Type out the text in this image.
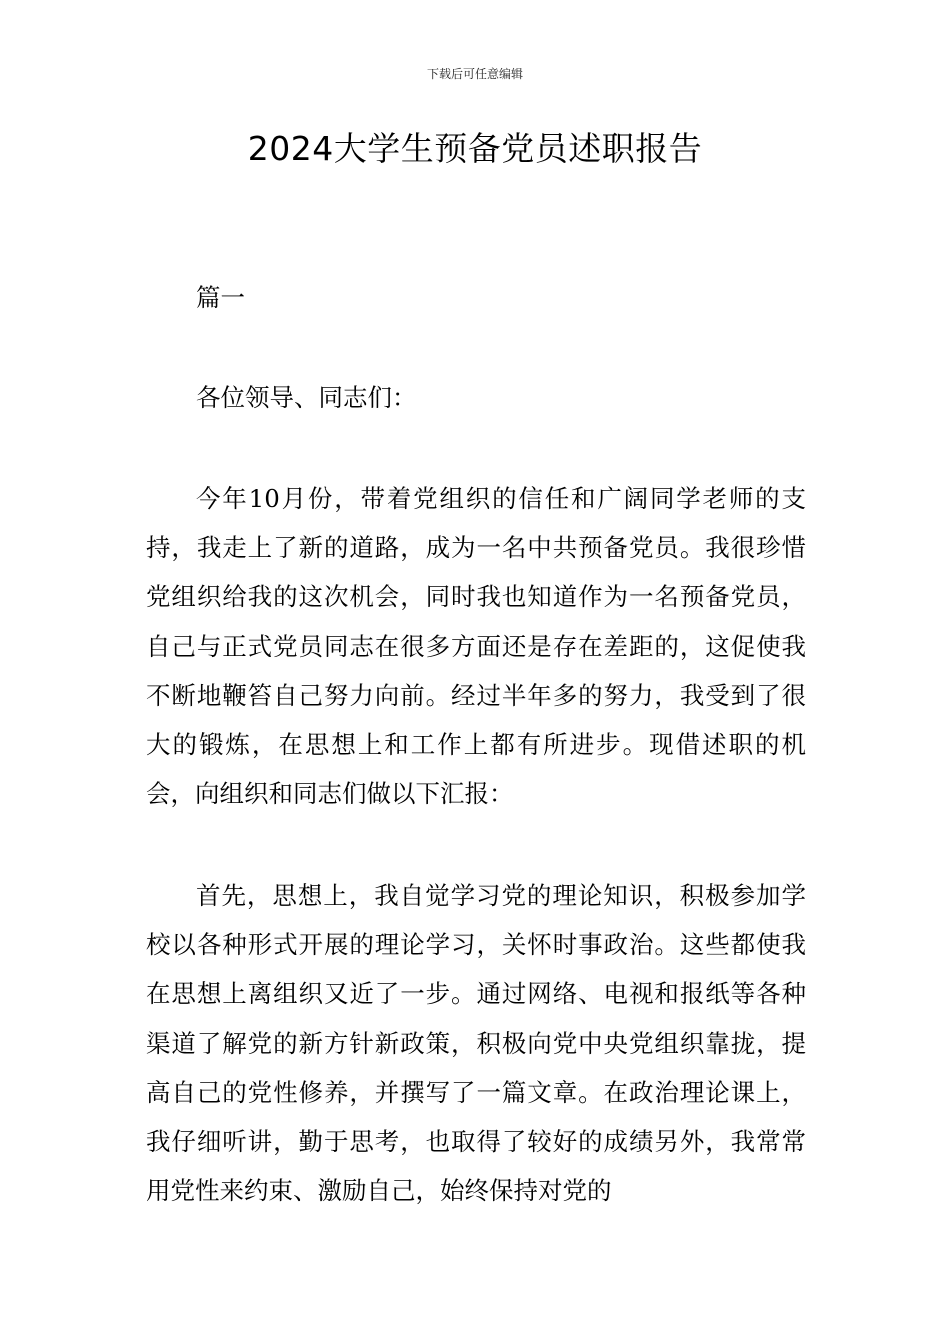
下载后可任意编辑
2024大学生预备党员述职报告
篇一
各位领导、同志们：

今年10月份，带着党组织的信任和广阔同学老师的支持，我走上了新的道路，成为一名中共预备党员。我很珍惜党组织给我的这次机会，同时我也知道作为一名预备党员，自己与正式党员同志在很多方面还是存在差距的，这促使我不断地鞭笞自己努力向前。经过半年多的努力，我受到了很大的锻炼，在思想上和工作上都有所进步。现借述职的机会，向组织和同志们做以下汇报：

首先，思想上，我自觉学习党的理论知识，积极参加学校以各种形式开展的理论学习，关怀时事政治。这些都使我在思想上离组织又近了一步。通过网络、电视和报纸等各种渠道了解党的新方针新政策，积极向党中央党组织靠拢，提高自己的党性修养，并撰写了一篇文章。在政治理论课上，我仔细听讲，勤于思考，也取得了较好的成绩另外，我常常用党性来约束、激励自己，始终保持对党的
